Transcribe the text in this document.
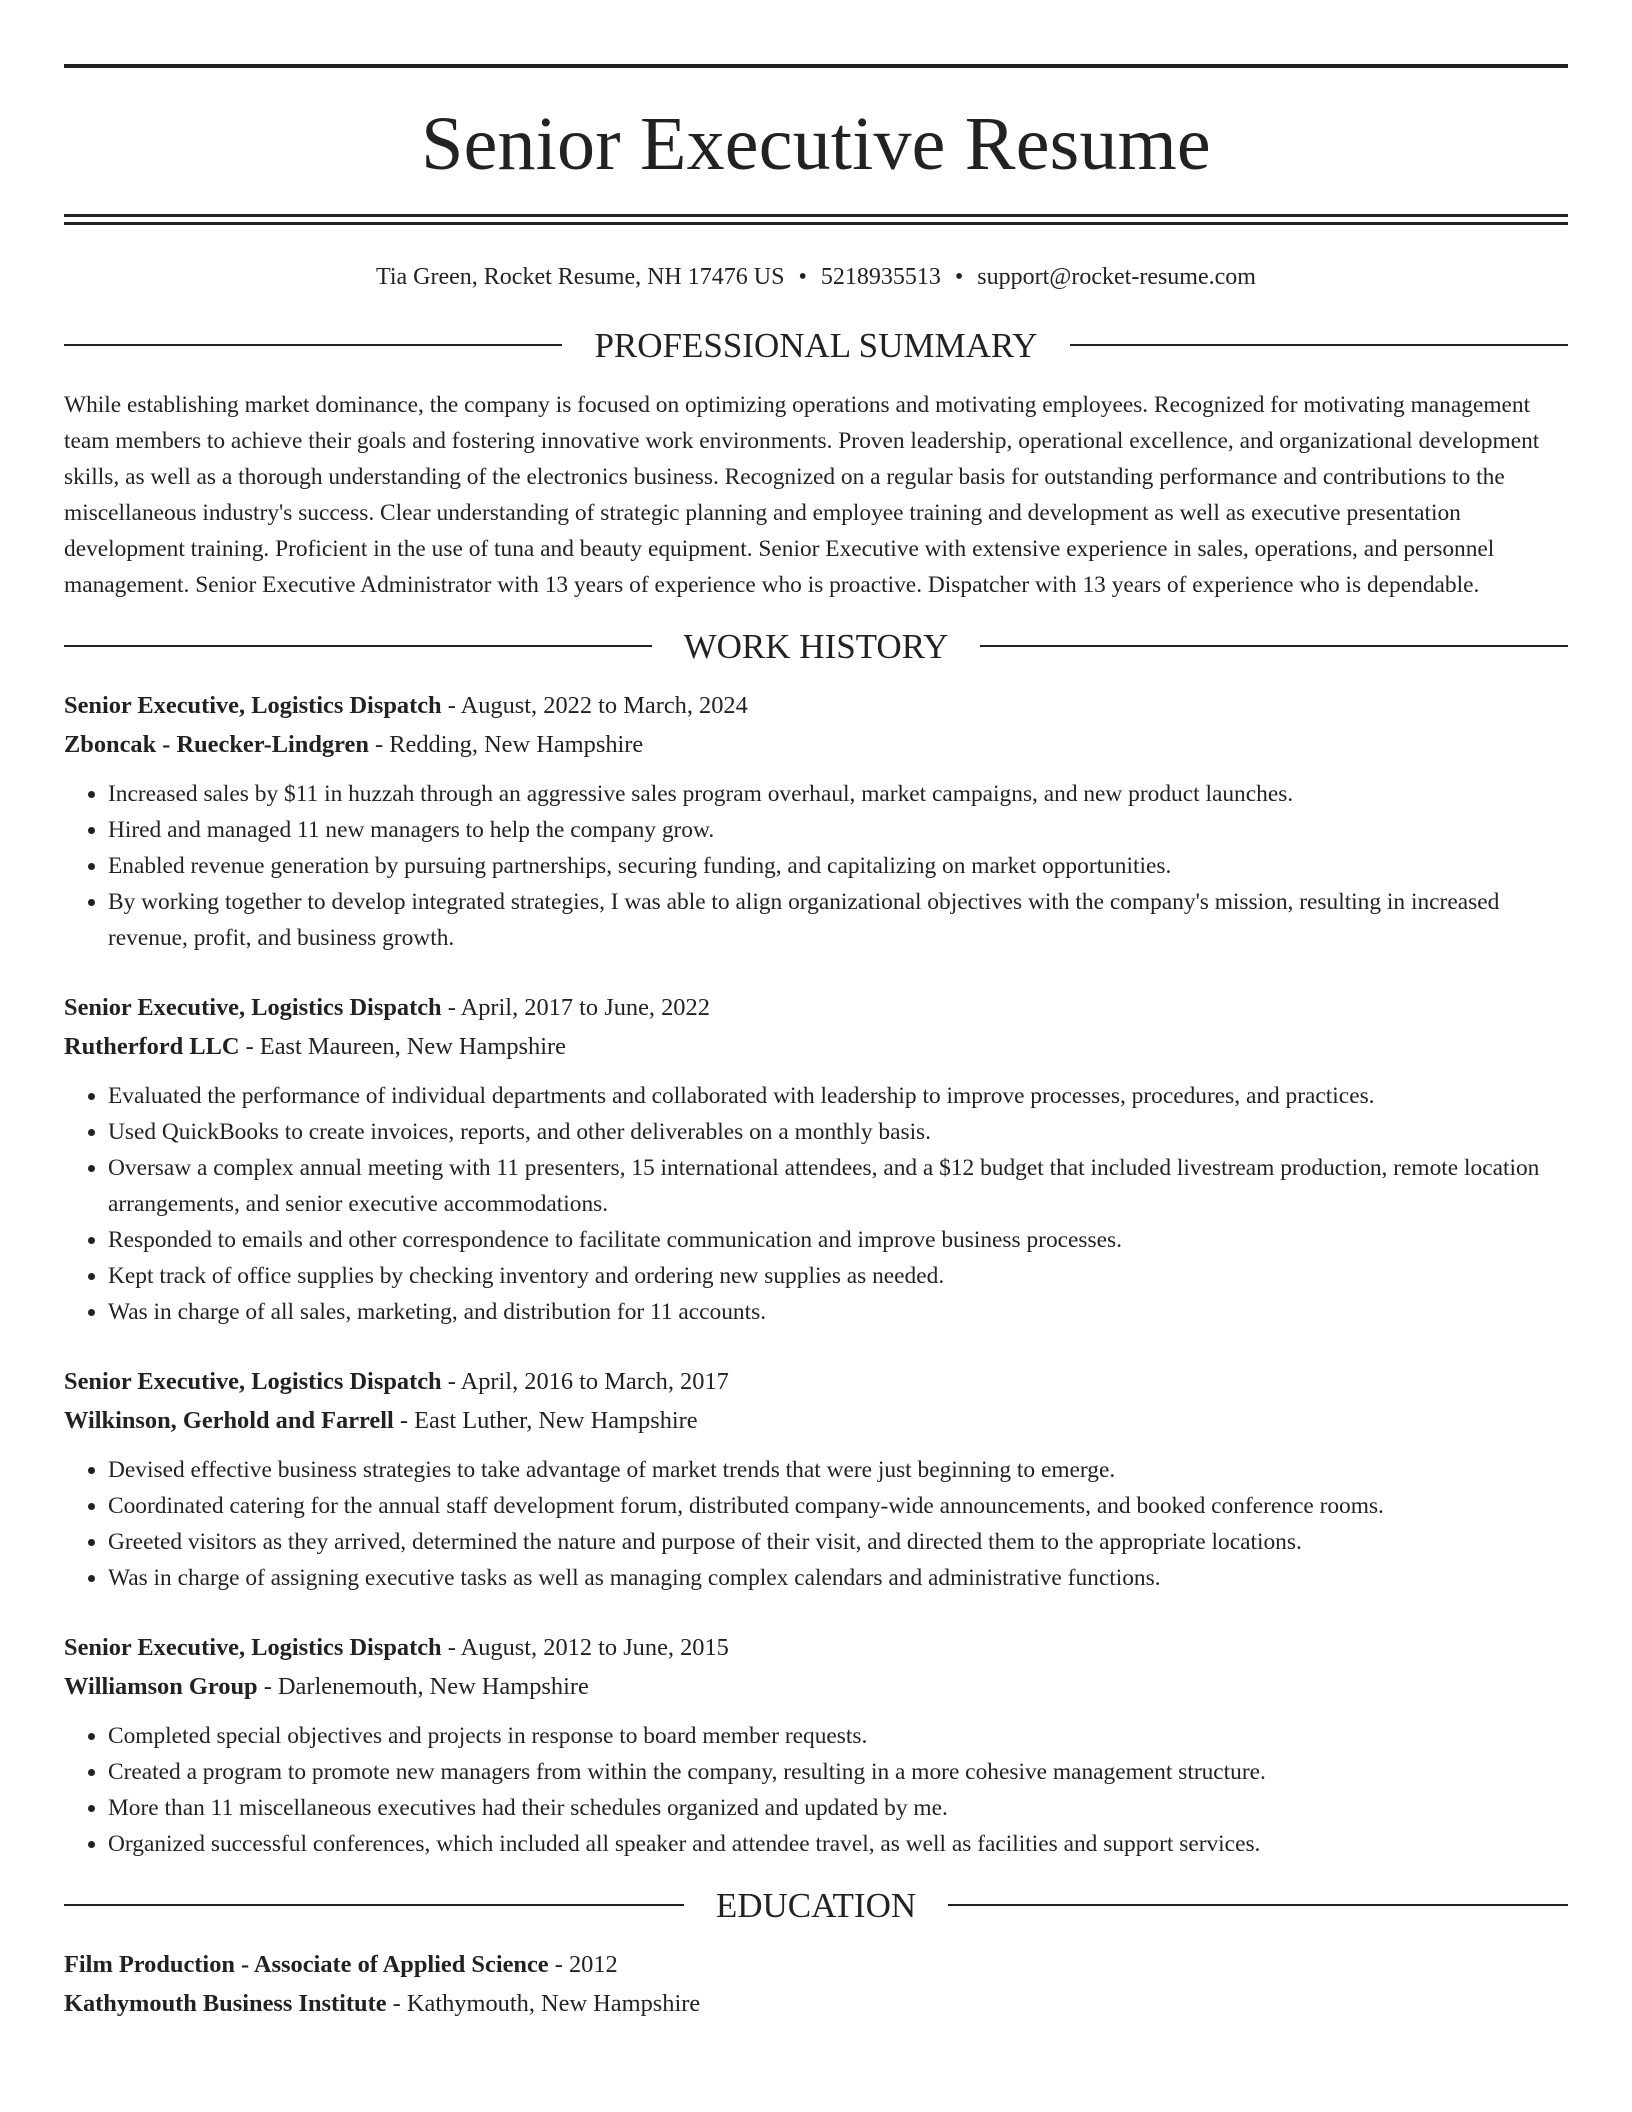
Senior Executive Resume
Tia Green, Rocket Resume, NH 17476 US • 5218935513 • support@rocket-resume.com
PROFESSIONAL SUMMARY

While establishing market dominance, the company is focused on optimizing operations and motivating employees. Recognized for motivating management team members to achieve their goals and fostering innovative work environments. Proven leadership, operational excellence, and organizational development skills, as well as a thorough understanding of the electronics business. Recognized on a regular basis for outstanding performance and contributions to the miscellaneous industry's success. Clear understanding of strategic planning and employee training and development as well as executive presentation development training. Proficient in the use of tuna and beauty equipment. Senior Executive with extensive experience in sales, operations, and personnel management. Senior Executive Administrator with 13 years of experience who is proactive. Dispatcher with 13 years of experience who is dependable.

WORK HISTORY
Senior Executive, Logistics Dispatch - August, 2022 to March, 2024
Zboncak - Ruecker-Lindgren - Redding, New Hampshire
• Increased sales by $11 in huzzah through an aggressive sales program overhaul, market campaigns, and new product launches.
• Hired and managed 11 new managers to help the company grow.
• Enabled revenue generation by pursuing partnerships, securing funding, and capitalizing on market opportunities.
• By working together to develop integrated strategies, I was able to align organizational objectives with the company's mission, resulting in increased revenue, profit, and business growth.
Senior Executive, Logistics Dispatch - April, 2017 to June, 2022
Rutherford LLC - East Maureen, New Hampshire
• Evaluated the performance of individual departments and collaborated with leadership to improve processes, procedures, and practices.
• Used QuickBooks to create invoices, reports, and other deliverables on a monthly basis.
• Oversaw a complex annual meeting with 11 presenters, 15 international attendees, and a $12 budget that included livestream production, remote location arrangements, and senior executive accommodations.
• Responded to emails and other correspondence to facilitate communication and improve business processes.
• Kept track of office supplies by checking inventory and ordering new supplies as needed.
• Was in charge of all sales, marketing, and distribution for 11 accounts.
Senior Executive, Logistics Dispatch - April, 2016 to March, 2017
Wilkinson, Gerhold and Farrell - East Luther, New Hampshire
• Devised effective business strategies to take advantage of market trends that were just beginning to emerge.
• Coordinated catering for the annual staff development forum, distributed company-wide announcements, and booked conference rooms.
• Greeted visitors as they arrived, determined the nature and purpose of their visit, and directed them to the appropriate locations.
• Was in charge of assigning executive tasks as well as managing complex calendars and administrative functions.
Senior Executive, Logistics Dispatch - August, 2012 to June, 2015
Williamson Group - Darlenemouth, New Hampshire
• Completed special objectives and projects in response to board member requests.
• Created a program to promote new managers from within the company, resulting in a more cohesive management structure.
• More than 11 miscellaneous executives had their schedules organized and updated by me.
• Organized successful conferences, which included all speaker and attendee travel, as well as facilities and support services.
EDUCATION
Film Production - Associate of Applied Science - 2012
Kathymouth Business Institute - Kathymouth, New Hampshire
